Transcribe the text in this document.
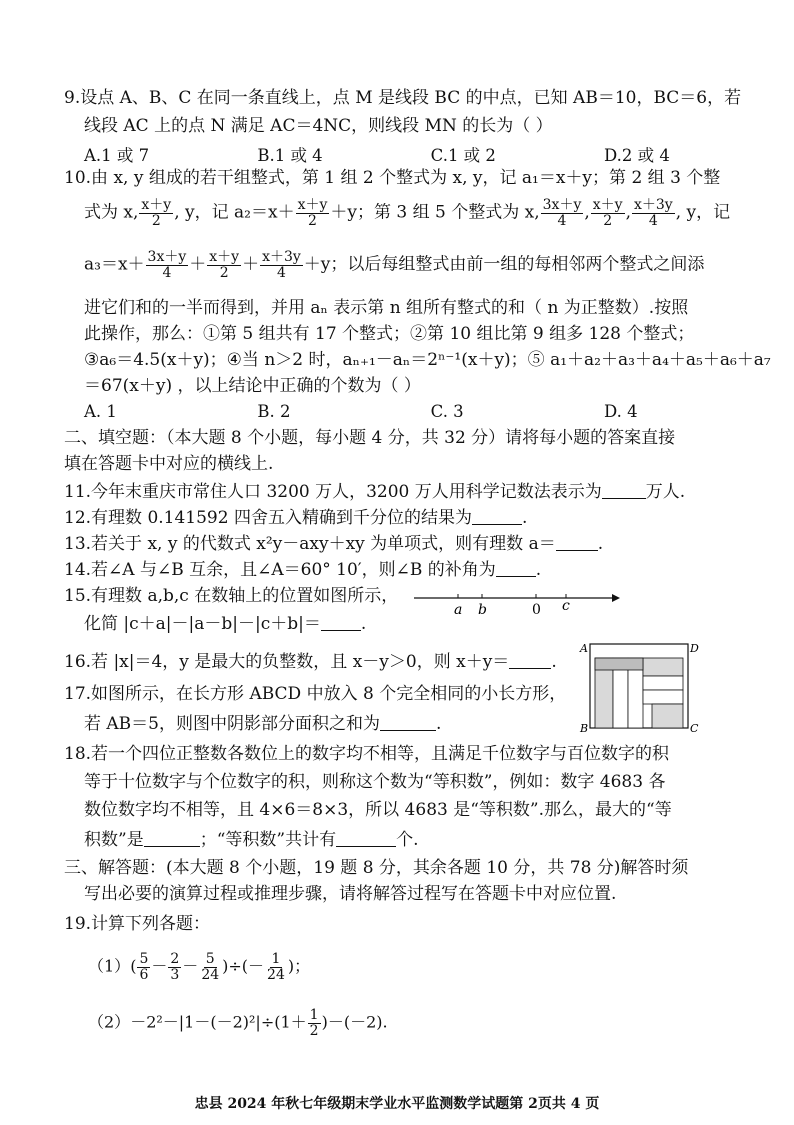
9.设点 A、B、C 在同一条直线上，点 M 是线段 BC 的中点，已知 AB＝10，BC＝6，若
线段 AC 上的点 N 满足 AC＝4NC，则线段 MN 的长为（ ）
A.1 或 7	B.1 或 4	C.1 或 2	D.2 或 4
10.由 x, y 组成的若干组整式，第 1 组 2 个整式为 x, y，记 a₁＝x＋y；第 2 组 3 个整
式为 x, $\frac{x+y}{2}$ , y，记 $a_2=x+ \frac{x+y}{2} +y$；第 3 组 5 个整式为 x, $\frac{3x+y}{4}$ , $\frac{x+y}{2}$ , $\frac{x+3y}{4}$ , y，记
$a_3=x+ \frac{3x+y}{4} + \frac{x+y}{2} + \frac{x+3y}{4} +y$；以后每组整式由前一组的每相邻两个整式之间添
进它们和的一半而得到，并用 aₙ 表示第 n 组所有整式的和（ n 为正整数）.按照
此操作，那么：①第 5 组共有 17 个整式；②第 10 组比第 9 组多 128 个整式；
③a₆＝4.5(x＋y)；④当 n＞2 时，aₙ₊₁－aₙ＝2ⁿ⁻¹(x＋y)；⑤ a₁＋a₂＋a₃＋a₄＋a₅＋a₆＋a₇
＝67(x＋y) ，以上结论中正确的个数为（ ）
A. 1	B. 2	C. 3	D. 4
二、填空题：（本大题 8 个小题，每小题 4 分，共 32 分）请将每小题的答案直接
填在答题卡中对应的横线上.
11.今年末重庆市常住人口 3200 万人，3200 万人用科学记数法表示为	万人.
12.有理数 0.141592 四舍五入精确到千分位的结果为	.
13.若关于 x, y 的代数式 x²y－axy＋xy 为单项式，则有理数 a＝ .
14.若∠A 与∠B 互余，且∠A＝60° 10′，则∠B 的补角为 .
15.有理数 a,b,c 在数轴上的位置如图所示，
化简 |c＋a|－|a－b|－|c＋b|＝ .
a b	0 c
16.若 |x|＝4，y 是最大的负整数，且 x－y＞0，则 x＋y＝ .
17.如图所示，在长方形 ABCD 中放入 8 个完全相同的小长方形，
若 AB＝5，则图中阴影部分面积之和为	.
A	D
B	C
18.若一个四位正整数各数位上的数字均不相等，且满足千位数字与百位数字的积
等于十位数字与个位数字的积，则称这个数为“等积数”，例如：数字 4683 各
数位数字均不相等，且 4×6＝8×3，所以 4683 是“等积数”.那么，最大的“等
积数”是	；“等积数”共计有	个.
三、解答题：(本大题 8 个小题，19 题 8 分，其余各题 10 分，共 78 分)解答时须
写出必要的演算过程或推理步骤，请将解答过程写在答题卡中对应位置.
19.计算下列各题：
$(1)( \frac{5}{6} - \frac{2}{3} - \frac{5}{24}$ )÷(－ $\frac{1}{24}$ )；
$(2)-2^2-|1-(-2)^2|\div(1+ \frac{1}{2} )-(-2)$.
忠县 2024 年秋七年级期末学业水平监测数学试题第 2页共 4 页
